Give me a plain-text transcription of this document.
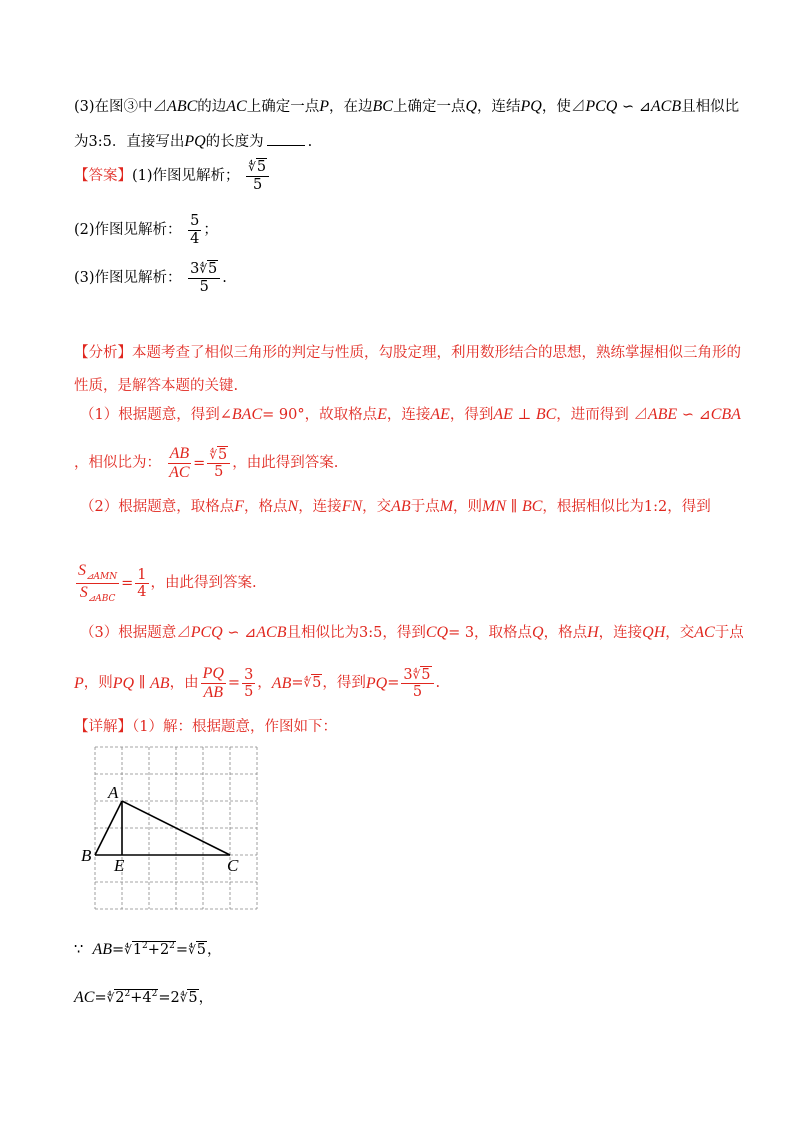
(3)在图③中⊿ABC的边AC上确定一点P，在边BC上确定一点Q，连结PQ，使⊿PCQ ∽ ⊿ACB且相似比
为3:5．直接写出PQ的长度为	.
【答案】(1)作图见解析； $\frac{∜5}{5}$
(2)作图见解析： $\frac{5}{4}$ ；
(3)作图见解析： $\frac{3∜5}{5}$ .
【分析】本题考查了相似三角形的判定与性质，勾股定理，利用数形结合的思想，熟练掌握相似三角形的
性质，是解答本题的关键.
（1）根据题意，得到∠BAC= 90°，故取格点E，连接AE，得到AE ⊥ BC，进而得到 ⊿ABE ∽ ⊿CBA
，相似比为： $\frac{AB}{AC} = \frac{∜5}{5}$ ，由此得到答案.
（2）根据题意，取格点F，格点N，连接FN，交AB于点M，则MN ∥ BC，根据相似比为1:2，得到
$\frac{S_{⊿AMN}}{S_{⊿ABC}} = \frac{1}{4}$ ，由此得到答案.
（3）根据题意⊿PCQ ∽ ⊿ACB且相似比为3:5，得到CQ= 3，取格点Q，格点H，连接QH，交AC于点
P，则PQ ∥ AB，由 $\frac{PQ}{AB} = \frac{3}{5}$ ，AB=∜5，得到$PQ= \frac{3∜5}{5}$ .
【详解】（1）解：根据题意，作图如下：
A
B
E	C
∵ $AB=∜1^2+2^2=∜5$，
$AC=∜2^2+4^2=2∜5$，
